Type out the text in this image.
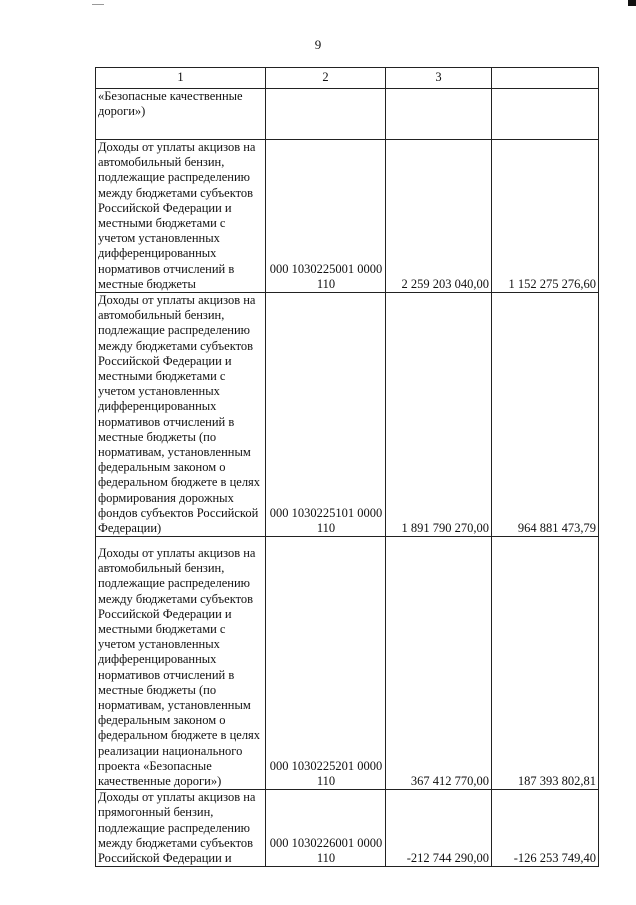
9
1	2	3	

«Безопасные качественные дороги»)			

Доходы от уплаты акцизов на автомобильный бензин, подлежащие распределению между бюджетами субъектов Российской Федерации и местными бюджетами с учетом установленных дифференцированных нормативов отчислений в местные бюджеты	000 1030225001 0000 110	2 259 203 040,00	1 152 275 276,60

Доходы от уплаты акцизов на автомобильный бензин, подлежащие распределению между бюджетами субъектов Российской Федерации и местными бюджетами с учетом установленных дифференцированных нормативов отчислений в местные бюджеты (по нормативам, установленным федеральным законом о федеральном бюджете в целях формирования дорожных фондов субъектов Российской Федерации)	000 1030225101 0000 110	1 891 790 270,00	964 881 473,79

Доходы от уплаты акцизов на автомобильный бензин, подлежащие распределению между бюджетами субъектов Российской Федерации и местными бюджетами с учетом установленных дифференцированных нормативов отчислений в местные бюджеты (по нормативам, установленным федеральным законом о федеральном бюджете в целях реализации национального проекта «Безопасные качественные дороги»)	000 1030225201 0000 110	367 412 770,00	187 393 802,81

Доходы от уплаты акцизов на прямогонный бензин, подлежащие распределению между бюджетами субъектов Российской Федерации и	000 1030226001 0000 110	-212 744 290,00	-126 253 749,40
